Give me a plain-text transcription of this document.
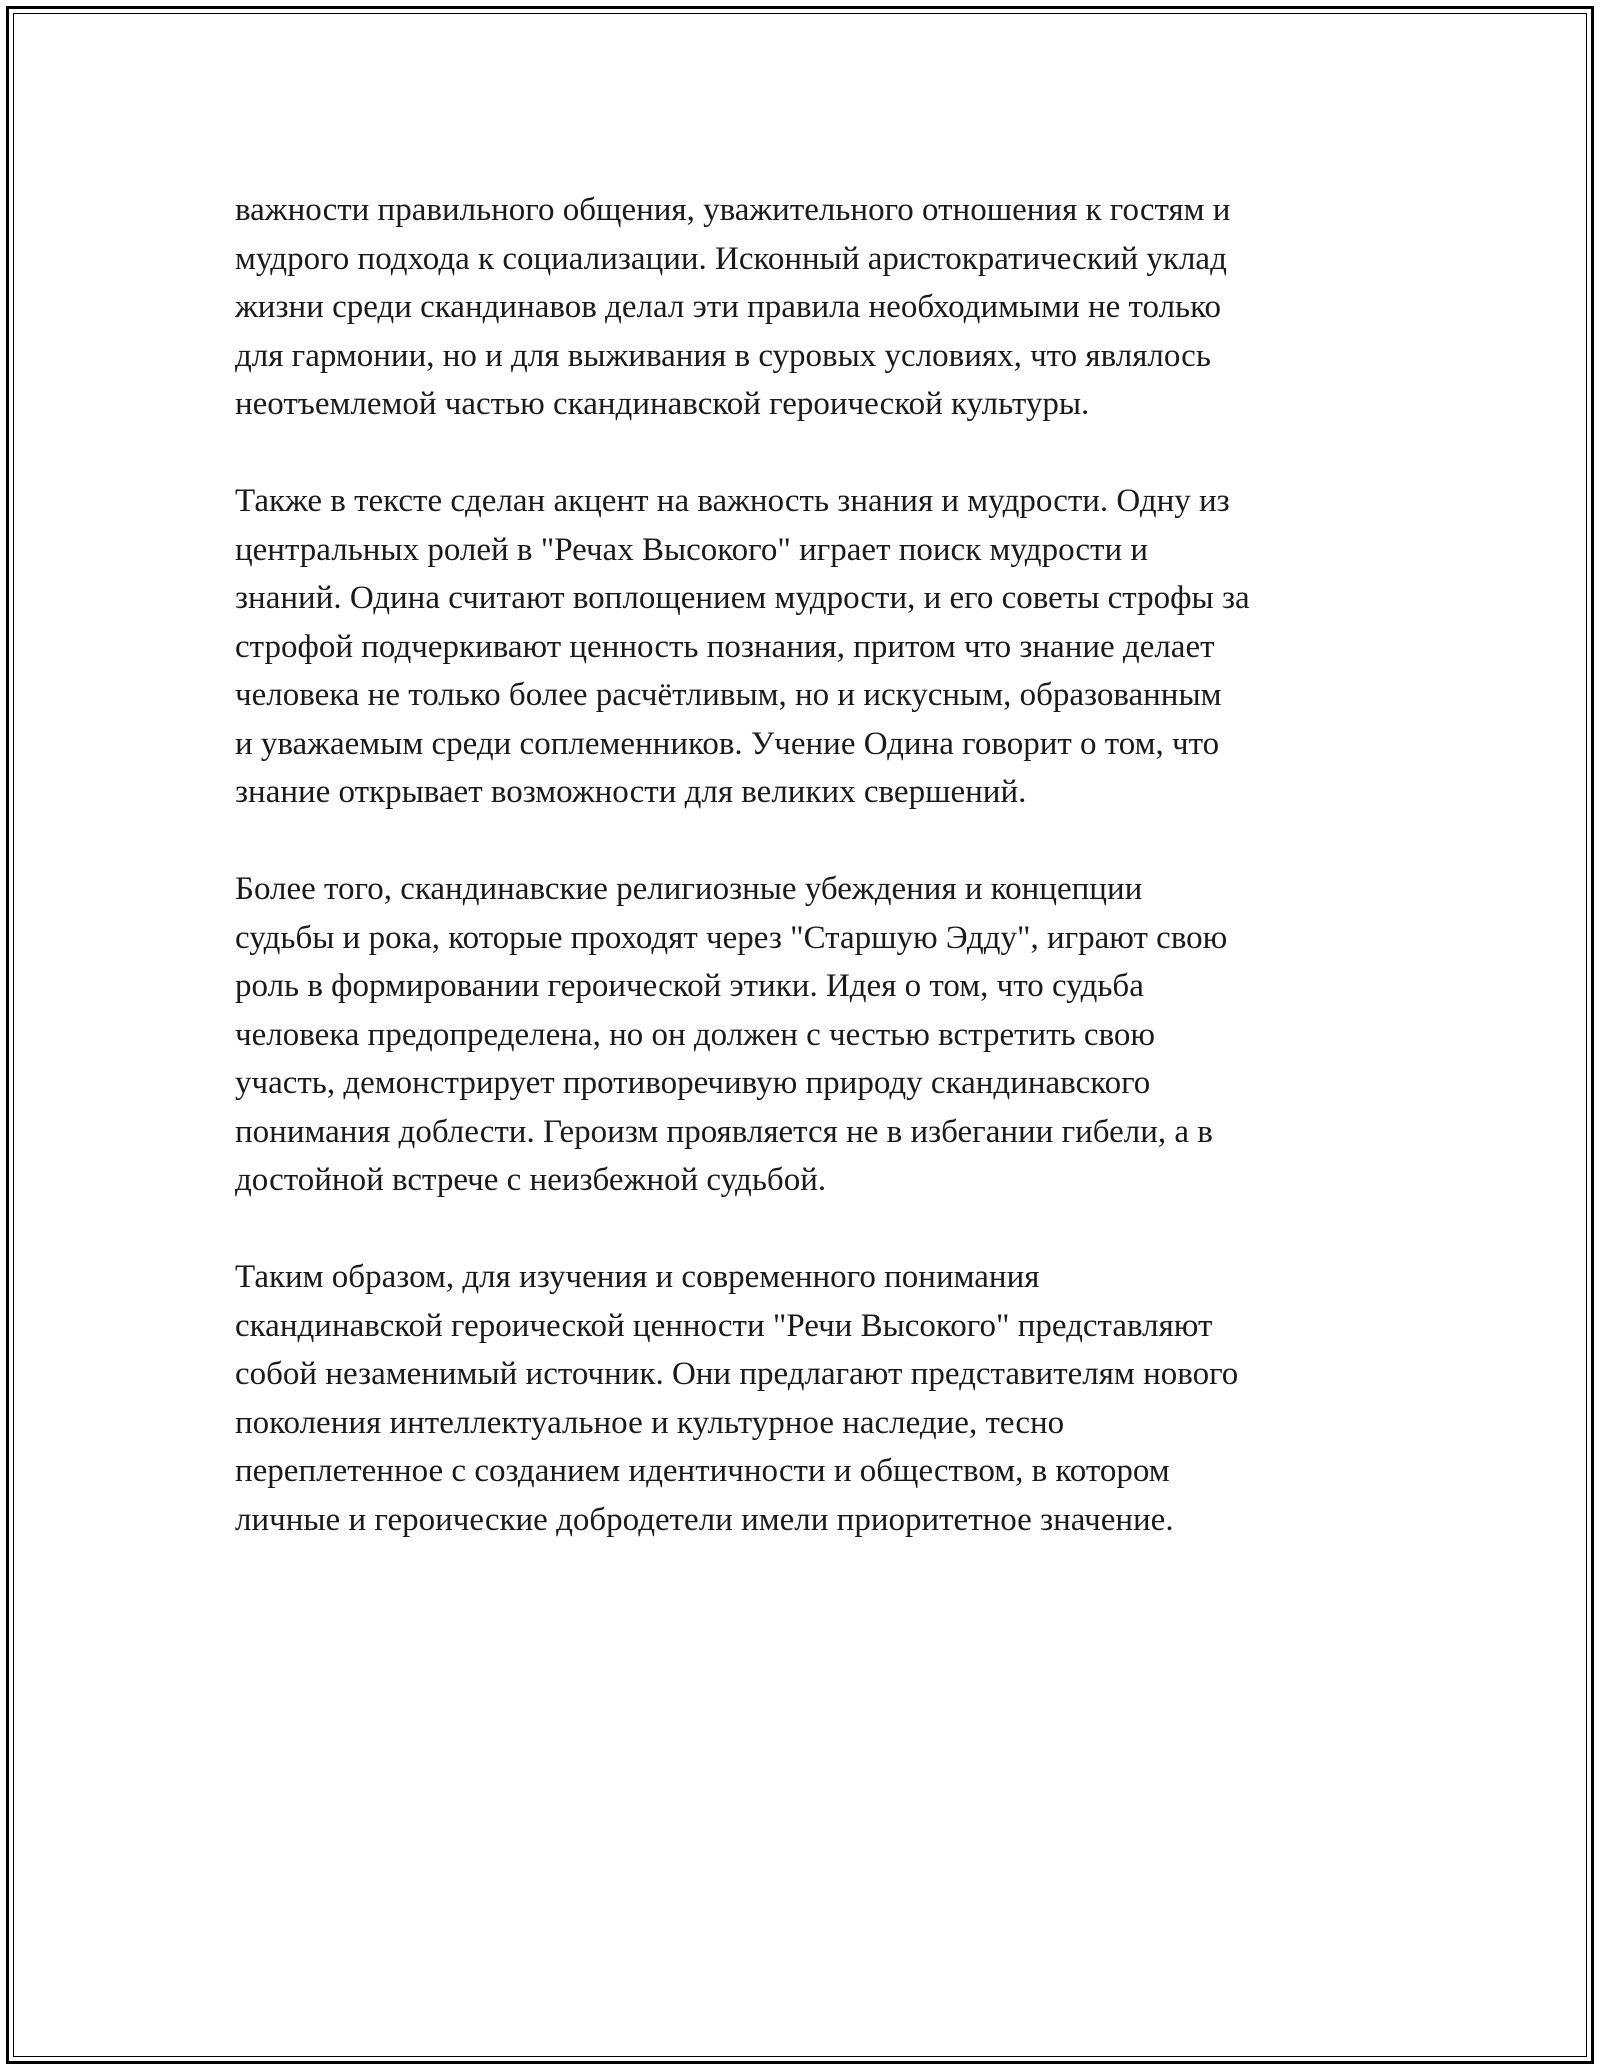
важности правильного общения, уважительного отношения к гостям и
мудрого подхода к социализации. Исконный аристократический уклад
жизни среди скандинавов делал эти правила необходимыми не только
для гармонии, но и для выживания в суровых условиях, что являлось
неотъемлемой частью скандинавской героической культуры.

Также в тексте сделан акцент на важность знания и мудрости. Одну из
центральных ролей в "Речах Высокого" играет поиск мудрости и
знаний. Одина считают воплощением мудрости, и его советы строфы за
строфой подчеркивают ценность познания, притом что знание делает
человека не только более расчётливым, но и искусным, образованным
и уважаемым среди соплеменников. Учение Одина говорит о том, что
знание открывает возможности для великих свершений.

Более того, скандинавские религиозные убеждения и концепции
судьбы и рока, которые проходят через "Старшую Эдду", играют свою
роль в формировании героической этики. Идея о том, что судьба
человека предопределена, но он должен с честью встретить свою
участь, демонстрирует противоречивую природу скандинавского
понимания доблести. Героизм проявляется не в избегании гибели, а в
достойной встрече с неизбежной судьбой.

Таким образом, для изучения и современного понимания
скандинавской героической ценности "Речи Высокого" представляют
собой незаменимый источник. Они предлагают представителям нового
поколения интеллектуальное и культурное наследие, тесно
переплетенное с созданием идентичности и обществом, в котором
личные и героические добродетели имели приоритетное значение.
